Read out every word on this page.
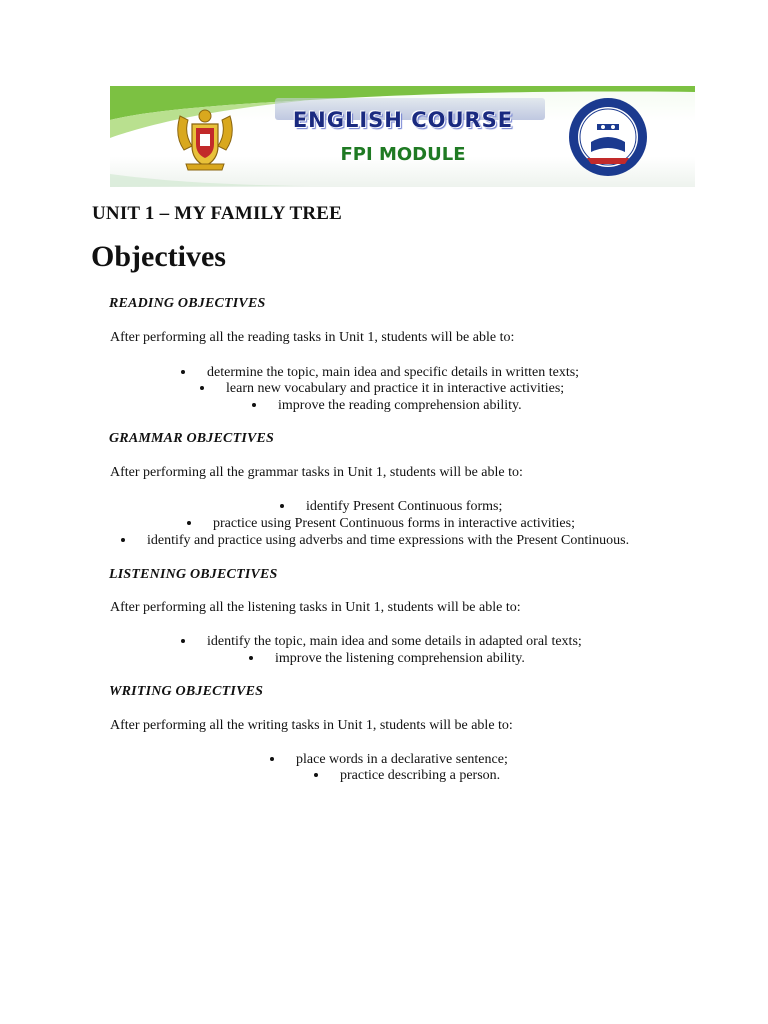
ENGLISH COURSE
FPI MODULE
UNIT 1 – MY FAMILY TREE
Objectives

READING OBJECTIVES

After performing all the reading tasks in Unit 1, students will be able to:

determine the topic, main idea and specific details in written texts;

learn new vocabulary and practice it in interactive activities;

improve the reading comprehension ability.

GRAMMAR OBJECTIVES

After performing all the grammar tasks in Unit 1, students will be able to:

identify Present Continuous forms;

practice using Present Continuous forms in interactive activities;

identify and practice using adverbs and time expressions with the Present Continuous.

LISTENING OBJECTIVES

After performing all the listening tasks in Unit 1, students will be able to:

identify the topic, main idea and some details in adapted oral texts;

improve the listening comprehension ability.

WRITING OBJECTIVES

After performing all the writing tasks in Unit 1, students will be able to:

place words in a declarative sentence;

practice describing a person.
